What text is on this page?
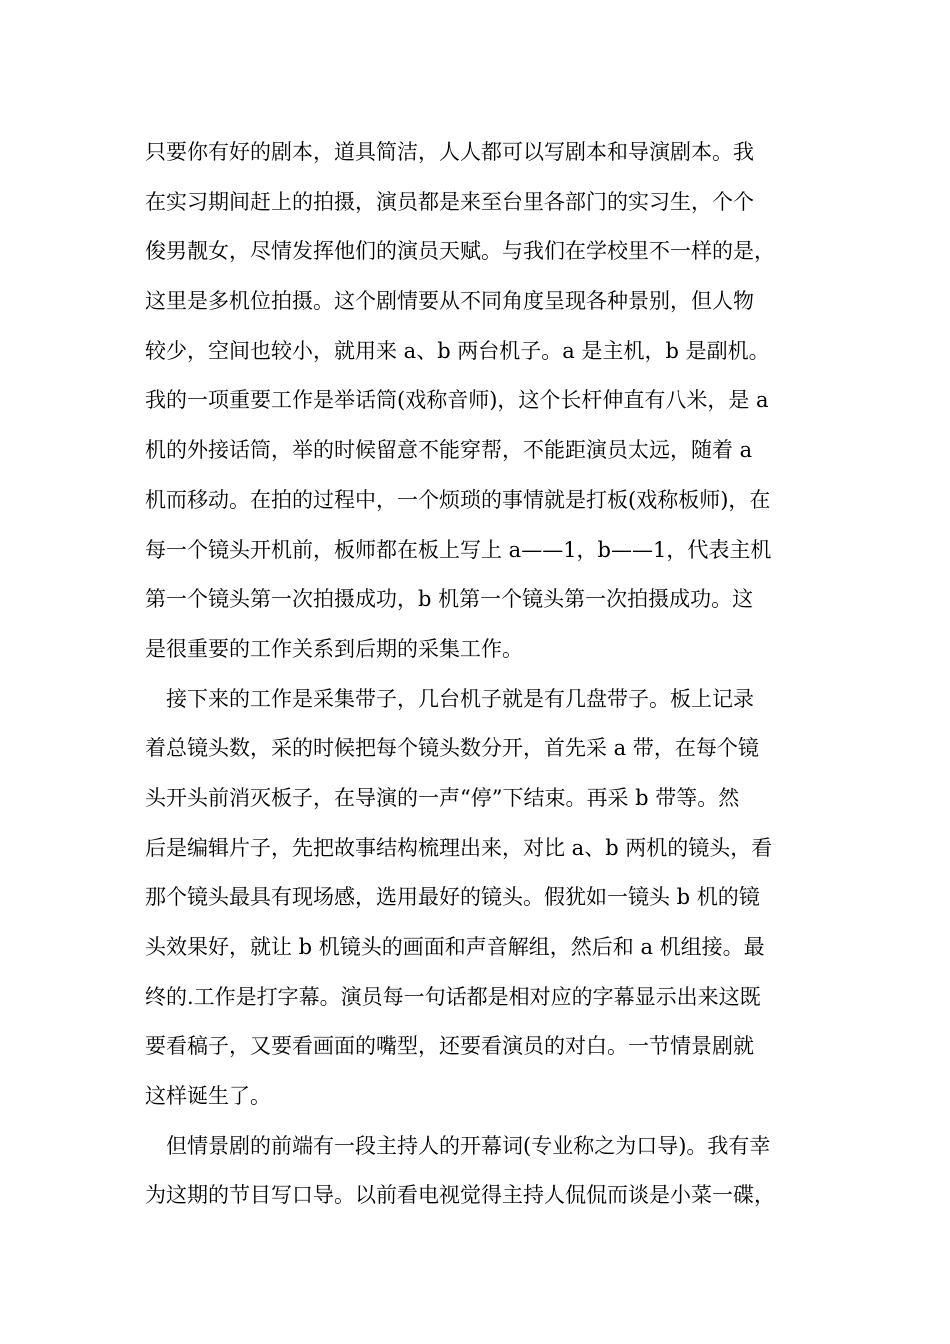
只要你有好的剧本，道具简洁，人人都可以写剧本和导演剧本。我
在实习期间赶上的拍摄，演员都是来至台里各部门的实习生，个个
俊男靓女，尽情发挥他们的演员天赋。与我们在学校里不一样的是，
这里是多机位拍摄。这个剧情要从不同角度呈现各种景别，但人物
较少，空间也较小，就用来 a、b 两台机子。a 是主机，b 是副机。
我的一项重要工作是举话筒(戏称音师)，这个长杆伸直有八米，是 a
机的外接话筒，举的时候留意不能穿帮，不能距演员太远，随着 a
机而移动。在拍的过程中，一个烦琐的事情就是打板(戏称板师)，在
每一个镜头开机前，板师都在板上写上 a——1，b——1，代表主机
第一个镜头第一次拍摄成功，b 机第一个镜头第一次拍摄成功。这
是很重要的工作关系到后期的采集工作。
接下来的工作是采集带子，几台机子就是有几盘带子。板上记录
着总镜头数，采的时候把每个镜头数分开，首先采 a 带，在每个镜
头开头前消灭板子，在导演的一声“停”下结束。再采 b 带等。然
后是编辑片子，先把故事结构梳理出来，对比 a、b 两机的镜头，看
那个镜头最具有现场感，选用最好的镜头。假犹如一镜头 b 机的镜
头效果好，就让 b 机镜头的画面和声音解组，然后和 a 机组接。最
终的.工作是打字幕。演员每一句话都是相对应的字幕显示出来这既
要看稿子，又要看画面的嘴型，还要看演员的对白。一节情景剧就
这样诞生了。
但情景剧的前端有一段主持人的开幕词(专业称之为口导)。我有幸
为这期的节目写口导。以前看电视觉得主持人侃侃而谈是小菜一碟，
